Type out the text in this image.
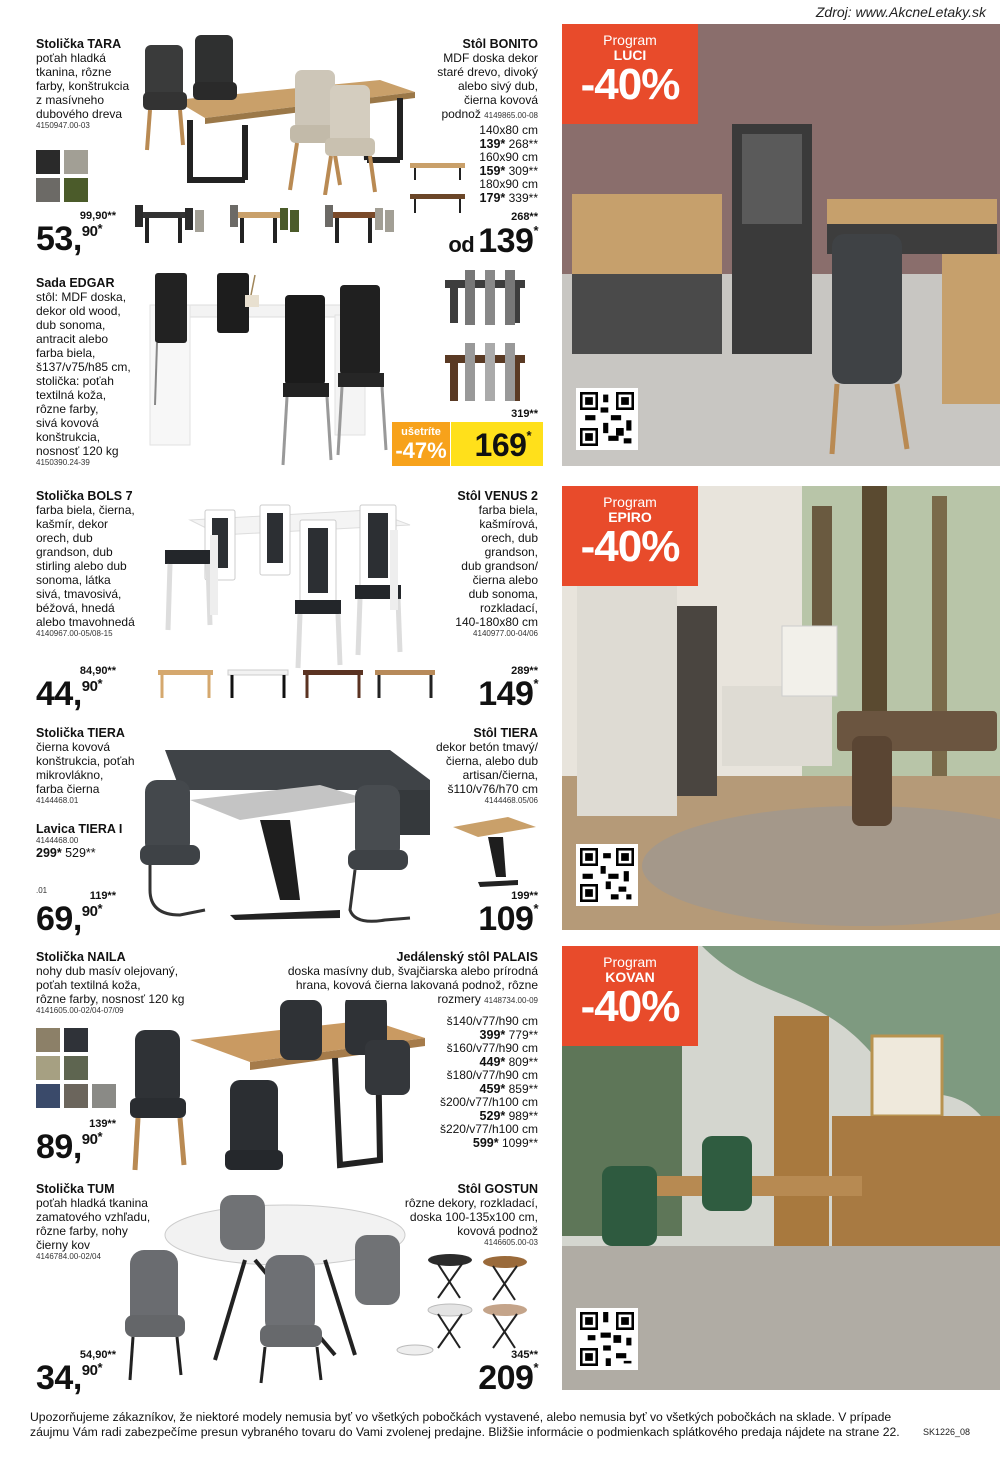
Zdroj: www.AkcneLetaky.sk
Stolička TARA
poťah hladká
tkanina, rôzne
farby, konštrukcia
z masívneho
dubového dreva
4150947.00-03
99,90**
53,90*
Stôl BONITO
MDF doska dekor
staré drevo, divoký
alebo sivý dub,
čierna kovová
podnož 4149865.00-08
140x80 cm
139* 268**
160x90 cm
159* 309**
180x90 cm
179* 339**
268**
od 139*
Sada EDGAR
stôl: MDF doska,
dekor old wood,
dub sonoma,
antracit alebo
farba biela,
š137/v75/h85 cm,
stolička: poťah
textilná koža,
rôzne farby,
sivá kovová
konštrukcia,
nosnosť 120 kg
4150390.24-39
ušetríte
-47% 169*
319**
Stolička BOLS 7
farba biela, čierna,
kašmír, dekor
orech, dub
grandson, dub
stirling alebo dub
sonoma, látka
sivá, tmavosivá,
béžová, hnedá
alebo tmavohnedá
4140967.00-05/08-15
84,90**
44,90*
Stôl VENUS 2
farba biela,
kašmírová,
orech, dub
grandson,
dub grandson/
čierna alebo
dub sonoma,
rozkladací,
140-180x80 cm
4140977.00-04/06
289**
149*
Stolička TIERA
čierna kovová
konštrukcia, poťah
mikrovlákno,
farba čierna
4144468.01
Lavica TIERA I
4144468.00
299* 529**
.01	119**
69,90*
Stôl TIERA
dekor betón tmavý/
čierna, alebo dub
artisan/čierna,
š110/v76/h70 cm
4144468.05/06
199**
109*
Stolička NAILA
nohy dub masív olejovaný,
poťah textilná koža,
rôzne farby, nosnosť 120 kg
4141605.00-02/04-07/09
139**
89,90*
Jedálenský stôl PALAIS
doska masívny dub, švajčiarska alebo prírodná
hrana, kovová čierna lakovaná podnož, rôzne
rozmery 4148734.00-09
š140/v77/h90 cm
399* 779**
š160/v77/h90 cm
449* 809**
š180/v77/h90 cm
459* 859**
š200/v77/h100 cm
529* 989**
š220/v77/h100 cm
599* 1099**
Stolička TUM
poťah hladká tkanina
zamatového vzhľadu,
rôzne farby, nohy
čierny kov
4146784.00-02/04
54,90**
34,90*
Stôl GOSTUN
rôzne dekory, rozkladací,
doska 100-135x100 cm,
kovová podnož
4146605.00-03
345**
209*
Program
LUCI
-40%
Program
EPIRO
-40%
Program
KOVAN
-40%
Upozorňujeme zákazníkov, že niektoré modely nemusia byť vo všetkých pobočkách vystavené, alebo nemusia byť vo všetkých pobočkách na sklade. V prípade
záujmu Vám radi zabezpečíme presun vybraného tovaru do Vami zvolenej predajne. Bližšie informácie o podmienkach splátkového predaja nájdete na strane 22.	SK1226_08
